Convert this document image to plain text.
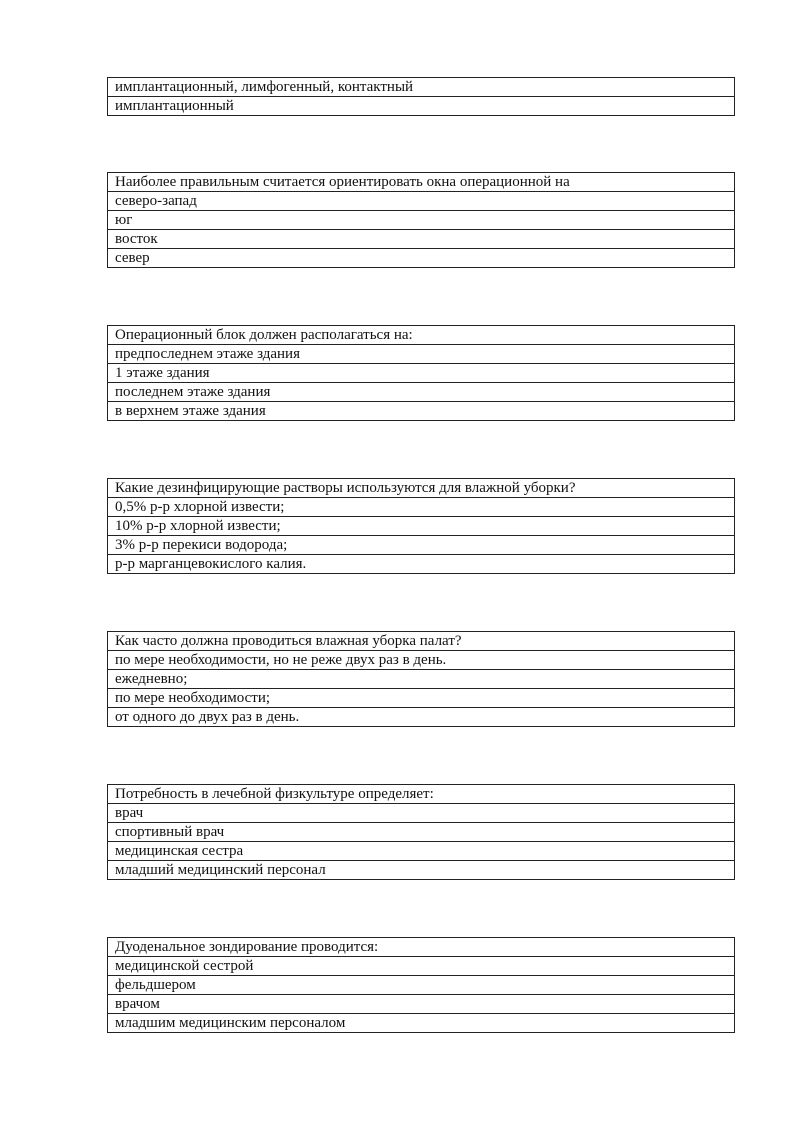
имплантационный, лимфогенный, контактный
имплантационный
Наиболее правильным считается ориентировать окна операционной на
северо-запад
юг
восток
север
Операционный блок должен располагаться на:
предпоследнем этаже здания
1 этаже здания
последнем этаже здания
в верхнем этаже здания
Какие дезинфицирующие растворы используются для влажной уборки?
0,5% р-р хлорной извести;
10% р-р хлорной извести;
3% р-р перекиси водорода;
р-р марганцевокислого калия.
Как часто должна проводиться влажная уборка палат?
по мере необходимости, но не реже двух раз в день.
ежедневно;
по мере необходимости;
от одного до двух раз в день.
Потребность в лечебной физкультуре определяет:
врач
спортивный врач
медицинская сестра
младший медицинский персонал
Дуоденальное зондирование проводится:
медицинской сестрой
фельдшером
врачом
младшим медицинским персоналом
